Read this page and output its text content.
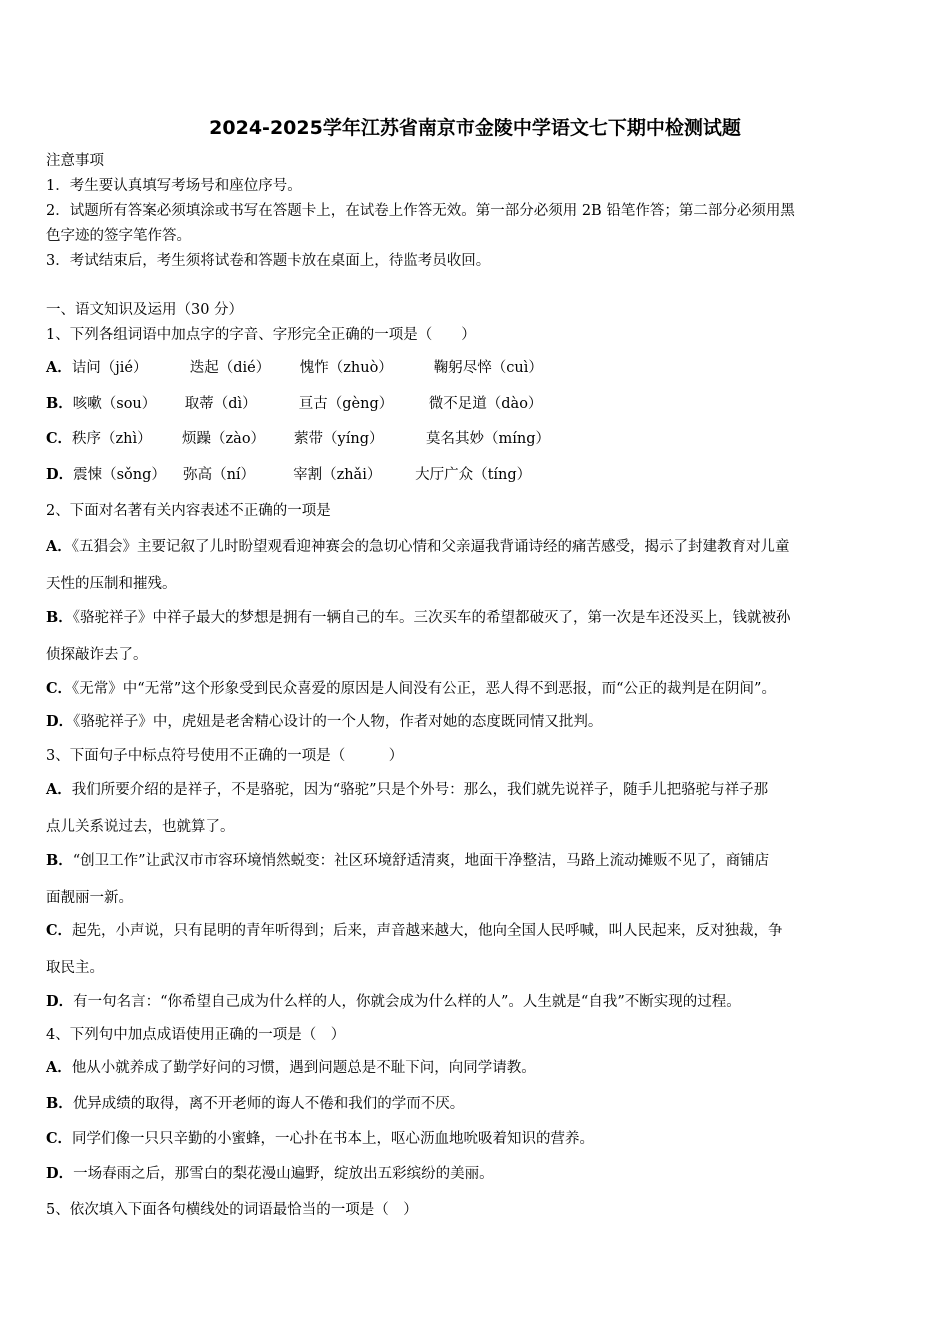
2024-2025学年江苏省南京市金陵中学语文七下期中检测试题
注意事项
1．考生要认真填写考场号和座位序号。
2．试题所有答案必须填涂或书写在答题卡上，在试卷上作答无效。第一部分必须用 2B 铅笔作答；第二部分必须用黑
色字迹的签字笔作答。
3．考试结束后，考生须将试卷和答题卡放在桌面上，待监考员收回。
一、语文知识及运用（30 分）
1、下列各组词语中加点字的字音、字形完全正确的一项是（　　）
A．诘问（jié）	迭起（dié） 愧怍（zhuò）	鞠躬尽悴（cuì）
B．咳嗽（sou） 取蒂（dì）	亘古（gèng） 微不足道（dào）
C．秩序（zhì） 烦躁（zào） 萦带（yíng）	莫名其妙（míng）
D．震悚（sǒng） 弥高（ní）	宰割（zhǎi） 大厅广众（tíng）
2、下面对名著有关内容表述不正确的一项是
A．《五猖会》主要记叙了儿时盼望观看迎神赛会的急切心情和父亲逼我背诵诗经的痛苦感受，揭示了封建教育对儿童
天性的压制和摧残。
B．《骆驼祥子》中祥子最大的梦想是拥有一辆自己的车。三次买车的希望都破灭了，第一次是车还没买上，钱就被孙
侦探敲诈去了。
C．《无常》中“无常”这个形象受到民众喜爱的原因是人间没有公正，恶人得不到恶报，而“公正的裁判是在阴间”。
D．《骆驼祥子》中，虎妞是老舍精心设计的一个人物，作者对她的态度既同情又批判。
3、下面句子中标点符号使用不正确的一项是（　　　）
A．我们所要介绍的是祥子，不是骆驼，因为“骆驼”只是个外号：那么，我们就先说祥子，随手儿把骆驼与祥子那
点儿关系说过去，也就算了。
B．“创卫工作”让武汉市市容环境悄然蜕变：社区环境舒适清爽，地面干净整洁，马路上流动摊贩不见了，商铺店
面靓丽一新。
C．起先，小声说，只有昆明的青年听得到；后来，声音越来越大，他向全国人民呼喊，叫人民起来，反对独裁，争
取民主。
D．有一句名言：“你希望自己成为什么样的人，你就会成为什么样的人”。人生就是“自我”不断实现的过程。
4、下列句中加点成语使用正确的一项是（　）
A．他从小就养成了勤学好问的习惯，遇到问题总是不耻下问，向同学请教。
B．优异成绩的取得，离不开老师的诲人不倦和我们的学而不厌。
C．同学们像一只只辛勤的小蜜蜂，一心扑在书本上，呕心沥血地吮吸着知识的营养。
D．一场春雨之后，那雪白的梨花漫山遍野，绽放出五彩缤纷的美丽。
5、依次填入下面各句横线处的词语最恰当的一项是（　）
